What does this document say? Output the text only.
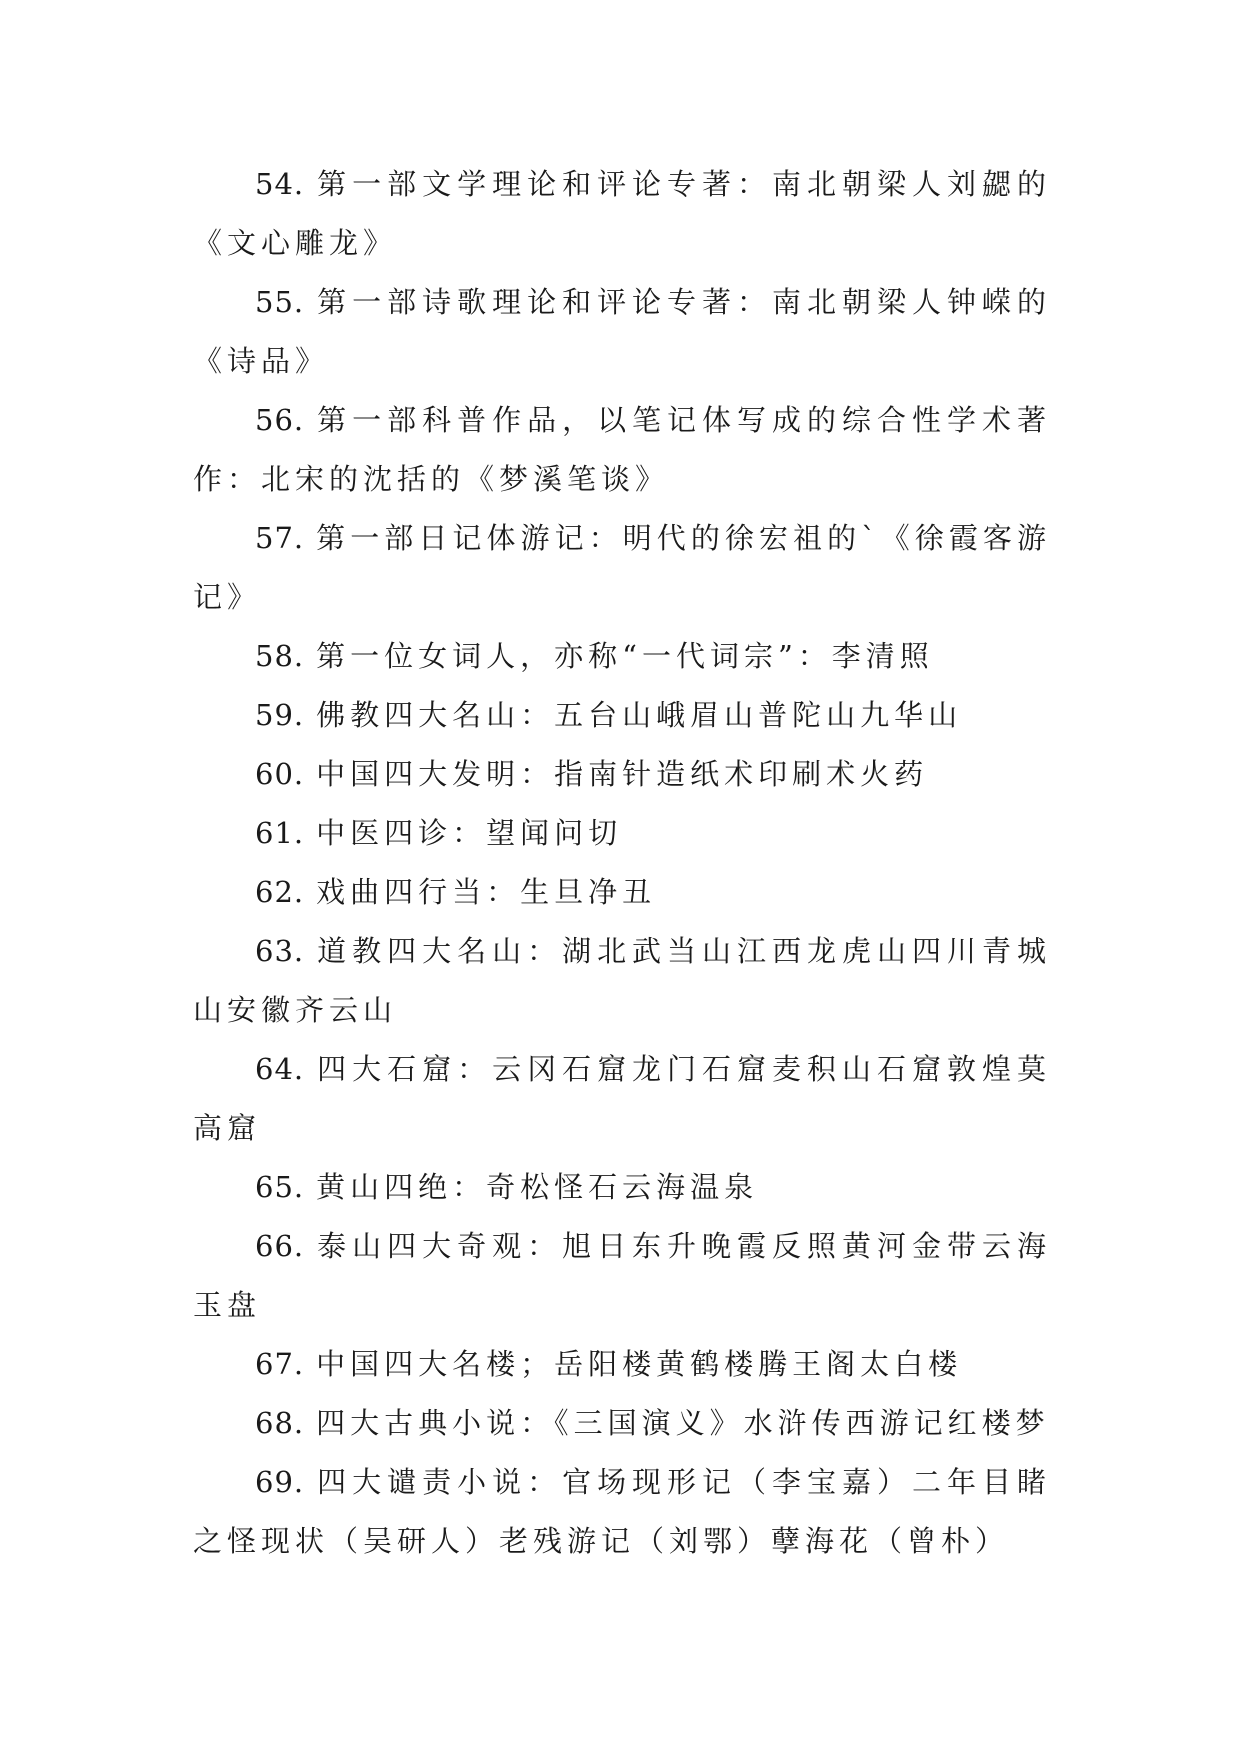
54. 第一部文学理论和评论专著：南北朝梁人刘勰的《文心雕龙》

55. 第一部诗歌理论和评论专著：南北朝梁人钟嵘的《诗品》

56. 第一部科普作品，以笔记体写成的综合性学术著作：北宋的沈括的《梦溪笔谈》

57. 第一部日记体游记：明代的徐宏祖的`《徐霞客游记》

58. 第一位女词人，亦称“一代词宗”：李清照

59. 佛教四大名山：五台山峨眉山普陀山九华山

60. 中国四大发明：指南针造纸术印刷术火药

61. 中医四诊：望闻问切

62. 戏曲四行当：生旦净丑

63. 道教四大名山：湖北武当山江西龙虎山四川青城山安徽齐云山

64. 四大石窟：云冈石窟龙门石窟麦积山石窟敦煌莫高窟

65. 黄山四绝：奇松怪石云海温泉

66. 泰山四大奇观：旭日东升晚霞反照黄河金带云海玉盘

67. 中国四大名楼；岳阳楼黄鹤楼腾王阁太白楼

68. 四大古典小说：《三国演义》水浒传西游记红楼梦

69. 四大谴责小说：官场现形记（李宝嘉）二年目睹之怪现状（吴研人）老残游记（刘鄂）孽海花（曾朴）
